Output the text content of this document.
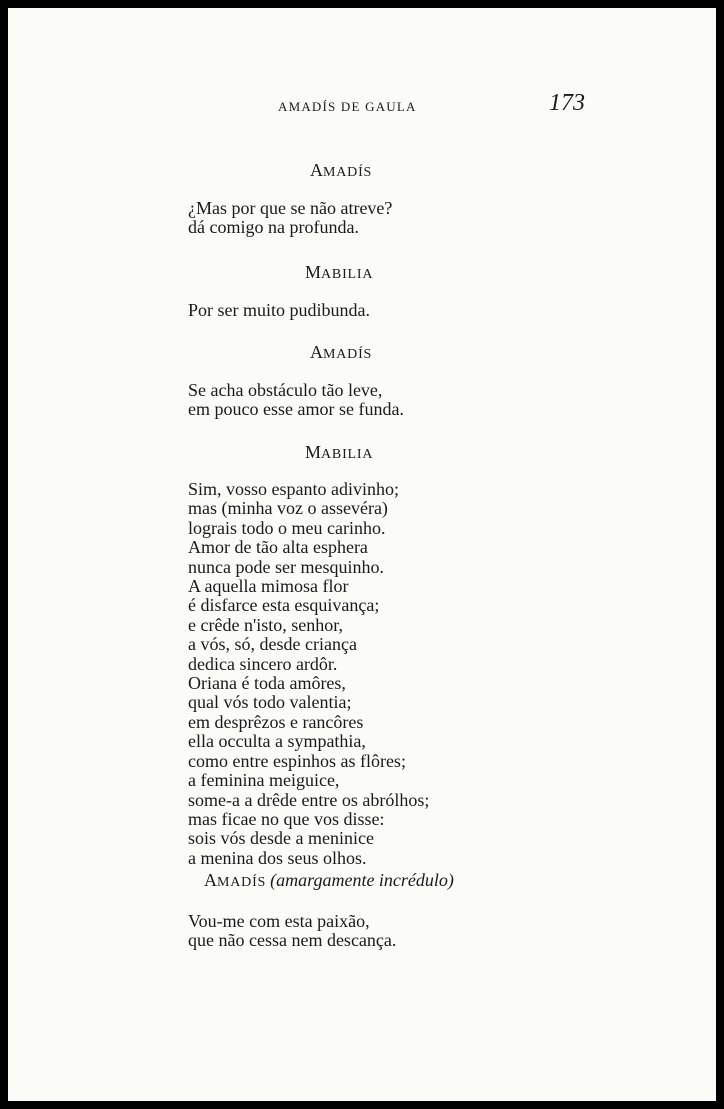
AMADÍS DE GAULA	173
AMADÍS
¿Mas por que se não atreve?
dá comigo na profunda.
MABILIA
Por ser muito pudibunda.
AMADÍS
Se acha obstáculo tão leve,
em pouco esse amor se funda.
MABILIA
Sim, vosso espanto adivinho;
mas (minha voz o assevéra)
lograis todo o meu carinho.
Amor de tão alta esphera
nunca pode ser mesquinho.
A aquella mimosa flor
é disfarce esta esquivança;
e crêde n'isto, senhor,
a vós, só, desde criança
dedica sincero ardôr.
Oriana é toda amôres,
qual vós todo valentia;
em desprêzos e rancôres
ella occulta a sympathia,
como entre espinhos as flôres;
a feminina meiguice,
some-a a drêde entre os abrólhos;
mas ficae no que vos disse:
sois vós desde a meninice
a menina dos seus olhos.
AMADÍS (amargamente incrédulo)
Vou-me com esta paixão,
que não cessa nem descança.
